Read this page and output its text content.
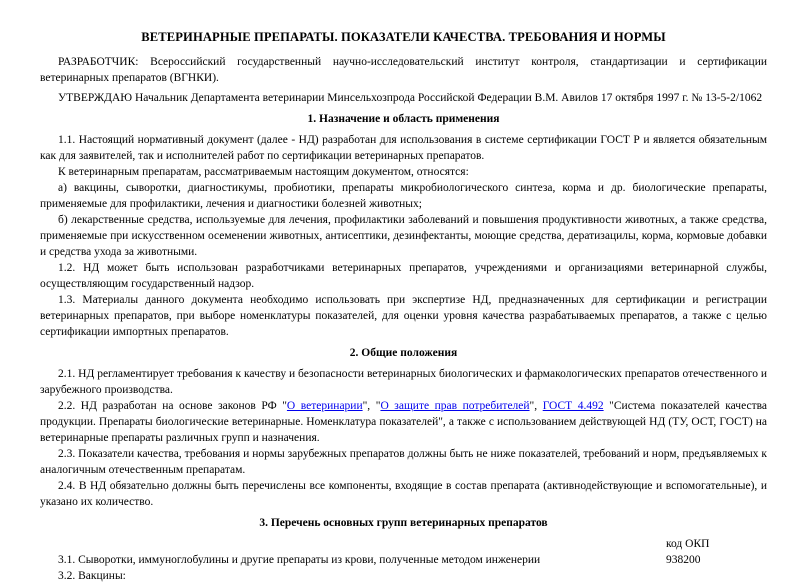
ВЕТЕРИНАРНЫЕ ПРЕПАРАТЫ. ПОКАЗАТЕЛИ КАЧЕСТВА. ТРЕБОВАНИЯ И НОРМЫ

РАЗРАБОТЧИК: Всероссийский государственный научно-исследовательский институт контроля, стандартизации и сертификации ветеринарных препаратов (ВГНКИ).

УТВЕРЖДАЮ Начальник Департамента ветеринарии Минсельхозпрода Российской Федерации В.М. Авилов 17 октября 1997 г. № 13-5-2/1062

1. Назначение и область применения

1.1. Настоящий нормативный документ (далее - НД) разработан для использования в системе сертификации ГОСТ Р и является обязательным как для заявителей, так и исполнителей работ по сертификации ветеринарных препаратов.

К ветеринарным препаратам, рассматриваемым настоящим документом, относятся:

а) вакцины, сыворотки, диагностикумы, пробиотики, препараты микробиологического синтеза, корма и др. биологические препараты, применяемые для профилактики, лечения и диагностики болезней животных;

б) лекарственные средства, используемые для лечения, профилактики заболеваний и повышения продуктивности животных, а также средства, применяемые при искусственном осеменении животных, антисептики, дезинфектанты, моющие средства, дератизацилы, корма, кормовые добавки и средства ухода за животными.

1.2. НД может быть использован разработчиками ветеринарных препаратов, учреждениями и организациями ветеринарной службы, осуществляющим государственный надзор.

1.3. Материалы данного документа необходимо использовать при экспертизе НД, предназначенных для сертификации и регистрации ветеринарных препаратов, при выборе номенклатуры показателей, для оценки уровня качества разрабатываемых препаратов, а также с целью сертификации импортных препаратов.

2. Общие положения

2.1. НД регламентирует требования к качеству и безопасности ветеринарных биологических и фармакологических препаратов отечественного и зарубежного производства.

2.2. НД разработан на основе законов РФ "О ветеринарии", "О защите прав потребителей", ГОСТ 4.492 "Система показателей качества продукции. Препараты биологические ветеринарные. Номенклатура показателей", а также с использованием действующей НД (ТУ, ОСТ, ГОСТ) на ветеринарные препараты различных групп и назначения.

2.3. Показатели качества, требования и нормы зарубежных препаратов должны быть не ниже показателей, требований и норм, предъявляемых к аналогичным отечественным препаратам.

2.4. В НД обязательно должны быть перечислены все компоненты, входящие в состав препарата (активнодействующие и вспомогательные), и указано их количество.

3. Перечень основных групп ветеринарных препаратов
	код ОКП
3.1. Сыворотки, иммуноглобулины и другие препараты из крови, полученные методом инженерии	938200
3.2. Вакцины:	
